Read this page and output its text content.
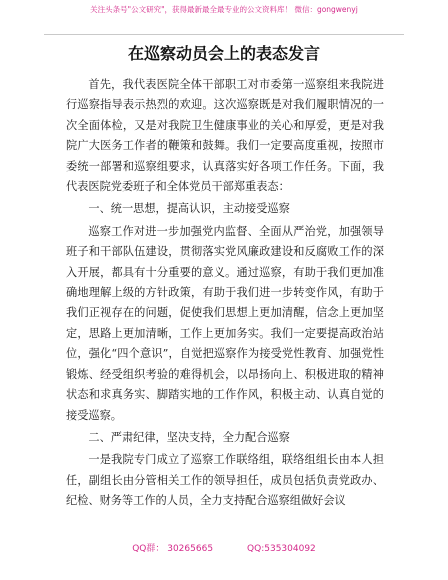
关注头条号"公文研究"，获得最新最全最专业的公文资料库！ 微信：gongwenyj
在巡察动员会上的表态发言

首先，我代表医院全体干部职工对市委第一巡察组来我院进行巡察指导表示热烈的欢迎。这次巡察既是对我们履职情况的一次全面体检，又是对我院卫生健康事业的关心和厚爱，更是对我院广大医务工作者的鞭策和鼓舞。我们一定要高度重视，按照市委统一部署和巡察组要求，认真落实好各项工作任务。下面，我代表医院党委班子和全体党员干部郑重表态：

一、统一思想，提高认识，主动接受巡察

巡察工作对进一步加强党内监督、全面从严治党，加强领导班子和干部队伍建设，贯彻落实党风廉政建设和反腐败工作的深入开展，都具有十分重要的意义。通过巡察，有助于我们更加准确地理解上级的方针政策，有助于我们进一步转变作风，有助于我们正视存在的问题，促使我们思想上更加清醒，信念上更加坚定，思路上更加清晰，工作上更加务实。我们一定要提高政治站位，强化“四个意识”，自觉把巡察作为接受党性教育、加强党性锻炼、经受组织考验的难得机会，以昂扬向上、积极进取的精神状态和求真务实、脚踏实地的工作作风，积极主动、认真自觉的接受巡察。

二、严肃纪律，坚决支持，全力配合巡察

一是我院专门成立了巡察工作联络组，联络组组长由本人担任，副组长由分管相关工作的领导担任，成员包括负责党政办、纪检、财务等工作的人员，全力支持配合巡察组做好会议

QQ群： 30265665	QQ:535304092
